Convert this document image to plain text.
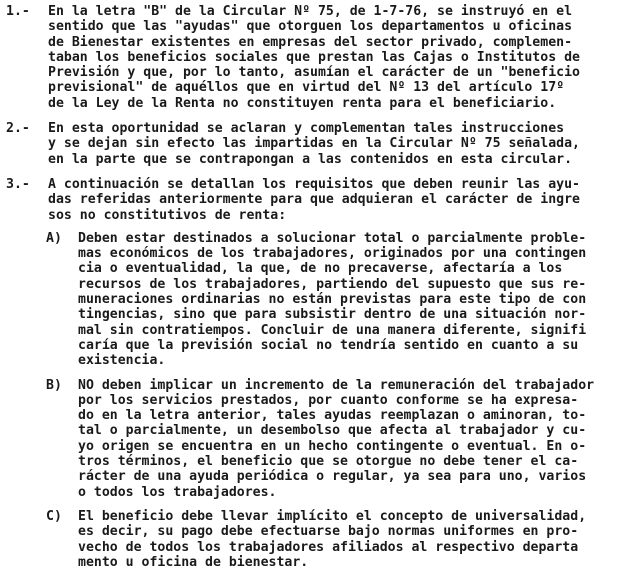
1.-	En la letra "B" de la Circular Nº 75, de 1-7-76, se instruyó en el
sentido que las "ayudas" que otorguen los departamentos u oficinas
de Bienestar existentes en empresas del sector privado, complemen-
taban los beneficios sociales que prestan las Cajas o Institutos de
Previsión y que, por lo tanto, asumían el carácter de un "beneficio
previsional" de aquéllos que en virtud del Nº 13 del artículo 17º
de la Ley de la Renta no constituyen renta para el beneficiario.
2.-	En esta oportunidad se aclaran y complementan tales instrucciones
y se dejan sin efecto las impartidas en la Circular Nº 75 señalada,
en la parte que se contrapongan a las contenidos en esta circular.
3.-	A continuación se detallan los requisitos que deben reunir las ayu-
das referidas anteriormente para que adquieran el carácter de ingre
sos no constitutivos de renta:
A)	Deben estar destinados a solucionar total o parcialmente proble-
mas económicos de los trabajadores, originados por una contingen
cia o eventualidad, la que, de no precaverse, afectaría a los
recursos de los trabajadores, partiendo del supuesto que sus re-
muneraciones ordinarias no están previstas para este tipo de con
tingencias, sino que para subsistir dentro de una situación nor-
mal sin contratiempos. Concluir de una manera diferente, signifi
caría que la previsión social no tendría sentido en cuanto a su
existencia.
B)	NO deben implicar un incremento de la remuneración del trabajador
por los servicios prestados, por cuanto conforme se ha expresa-
do en la letra anterior, tales ayudas reemplazan o aminoran, to-
tal o parcialmente, un desembolso que afecta al trabajador y cu-
yo origen se encuentra en un hecho contingente o eventual. En o-
tros términos, el beneficio que se otorgue no debe tener el ca-
rácter de una ayuda periódica o regular, ya sea para uno, varios
o todos los trabajadores.
C)	El beneficio debe llevar implícito el concepto de universalidad,
es decir, su pago debe efectuarse bajo normas uniformes en pro-
vecho de todos los trabajadores afiliados al respectivo departa
mento u oficina de bienestar.
